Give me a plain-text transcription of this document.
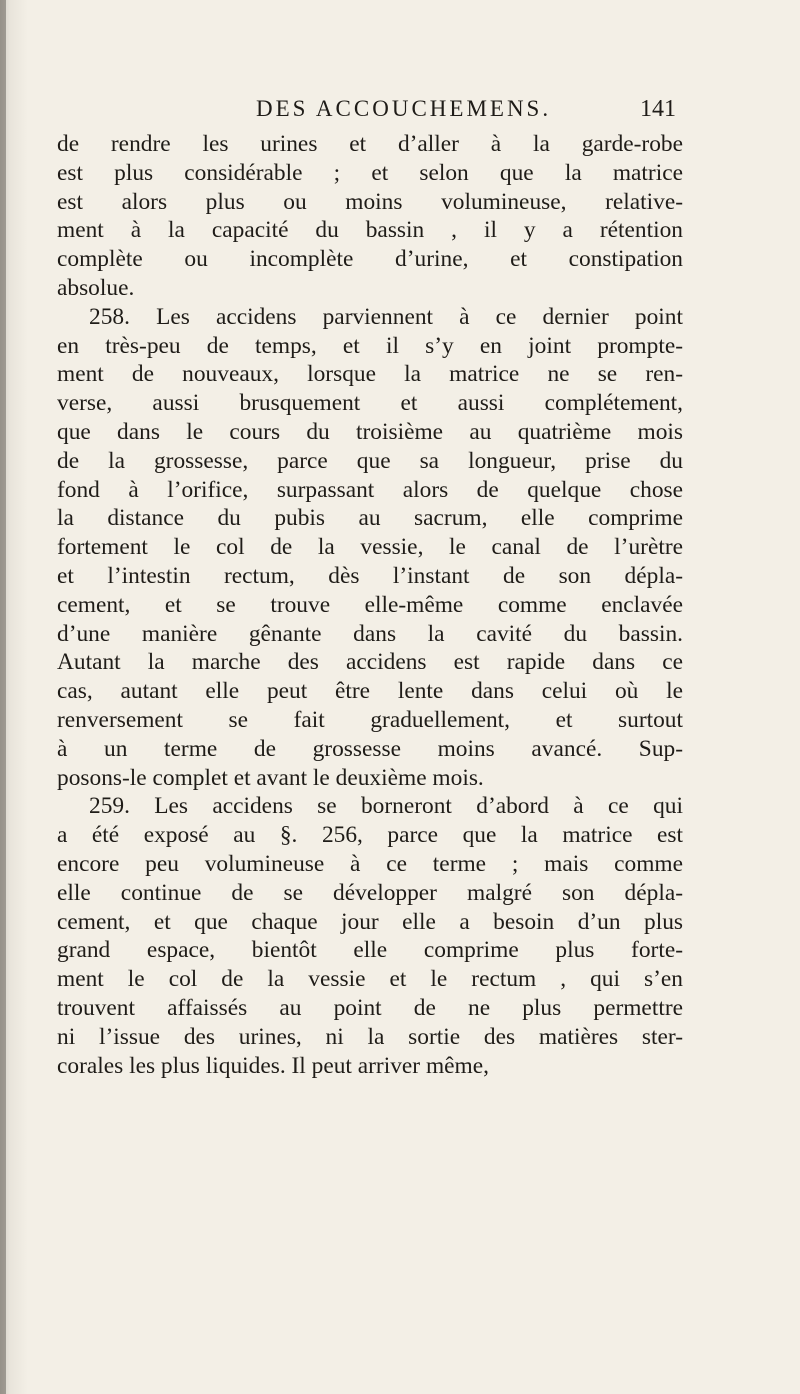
DES ACCOUCHEMENS.	141
de rendre les urines et d’aller à la garde-robe
est plus considérable ; et selon que la matrice
est alors plus ou moins volumineuse, relative-
ment à la capacité du bassin , il y a rétention
complète ou incomplète d’urine, et constipation
absolue.
258. Les accidens parviennent à ce dernier point
en très-peu de temps, et il s’y en joint prompte-
ment de nouveaux, lorsque la matrice ne se ren-
verse, aussi brusquement et aussi complétement,
que dans le cours du troisième au quatrième mois
de la grossesse, parce que sa longueur, prise du
fond à l’orifice, surpassant alors de quelque chose
la distance du pubis au sacrum, elle comprime
fortement le col de la vessie, le canal de l’urètre
et l’intestin rectum, dès l’instant de son dépla-
cement, et se trouve elle-même comme enclavée
d’une manière gênante dans la cavité du bassin.
Autant la marche des accidens est rapide dans ce
cas, autant elle peut être lente dans celui où le
renversement se fait graduellement, et surtout
à un terme de grossesse moins avancé. Sup-
posons-le complet et avant le deuxième mois.
259. Les accidens se borneront d’abord à ce qui
a été exposé au §. 256, parce que la matrice est
encore peu volumineuse à ce terme ; mais comme
elle continue de se développer malgré son dépla-
cement, et que chaque jour elle a besoin d’un plus
grand espace, bientôt elle comprime plus forte-
ment le col de la vessie et le rectum , qui s’en
trouvent affaissés au point de ne plus permettre
ni l’issue des urines, ni la sortie des matières ster-
corales les plus liquides. Il peut arriver même,
